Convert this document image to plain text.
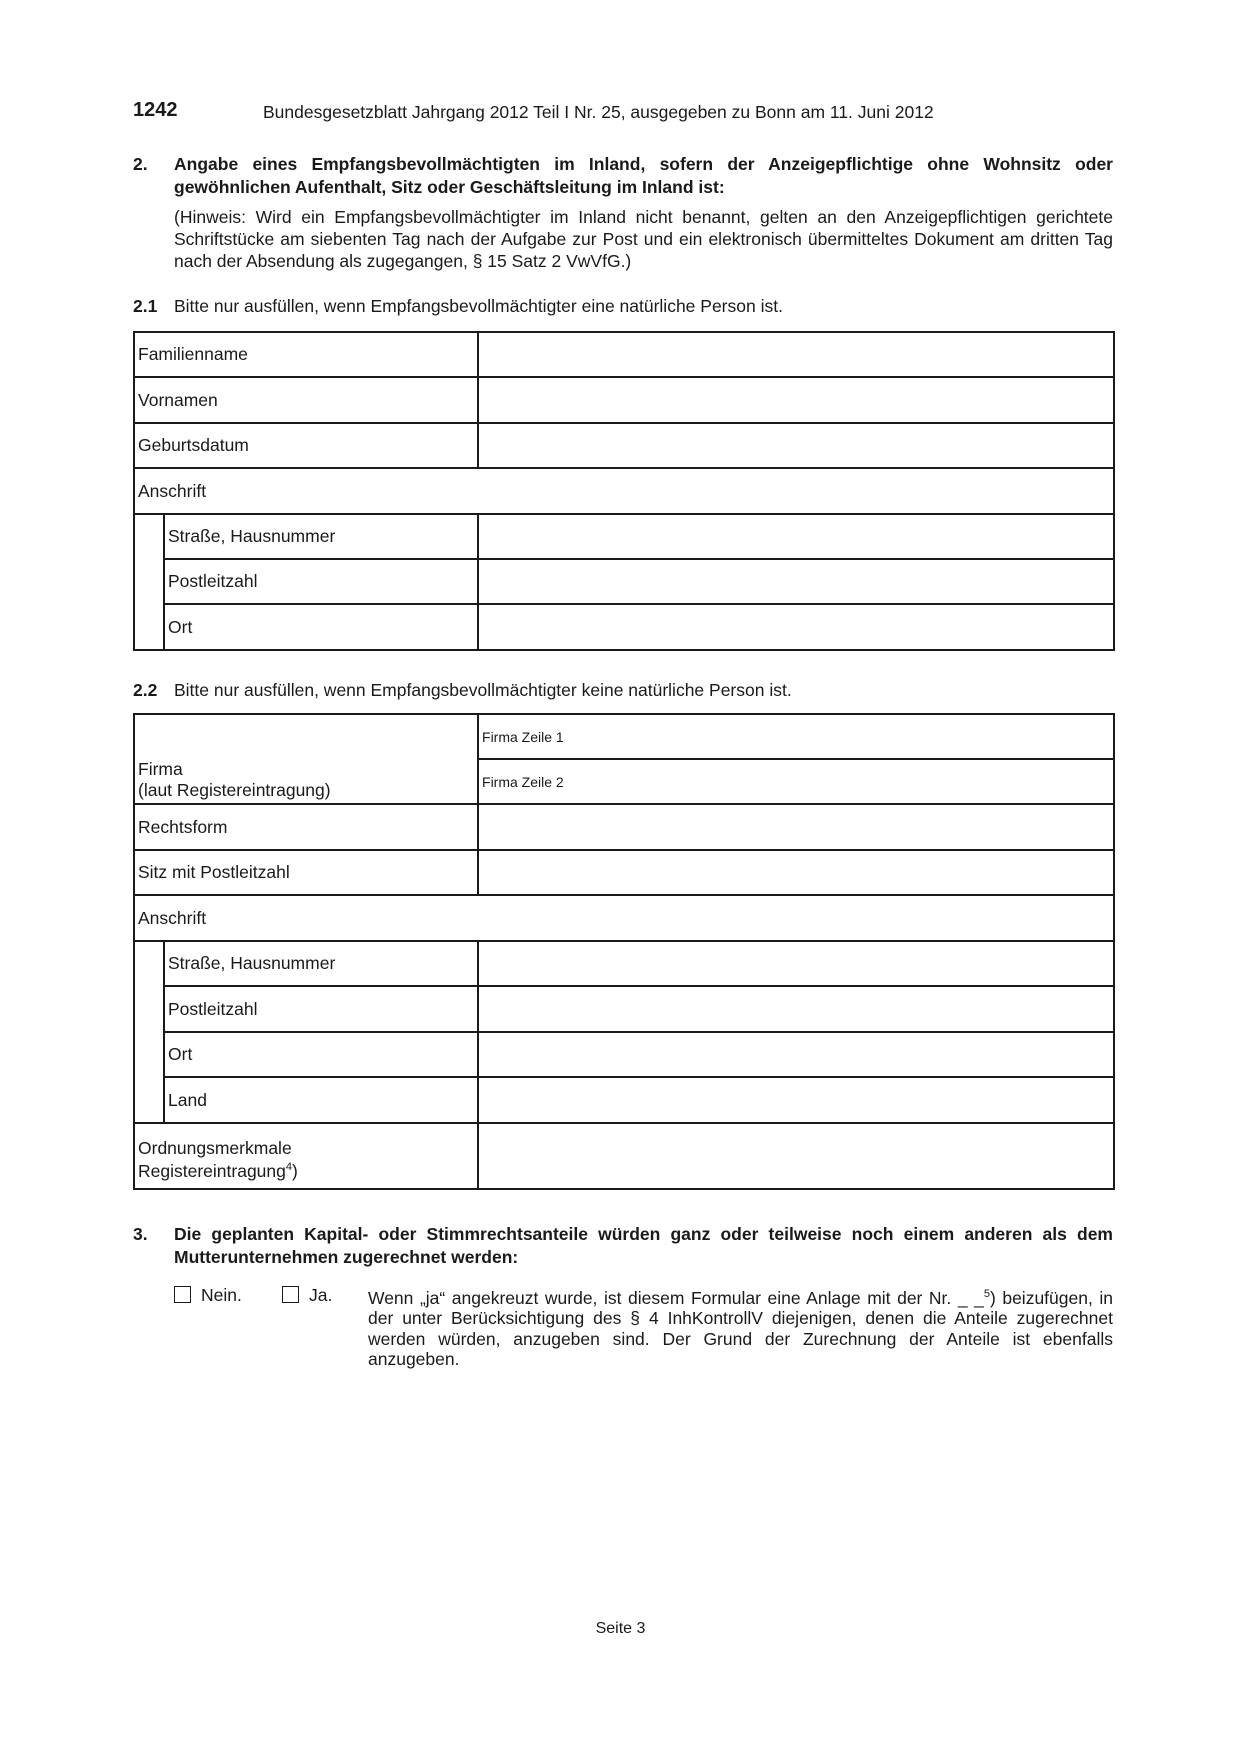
1242	Bundesgesetzblatt Jahrgang 2012 Teil I Nr. 25, ausgegeben zu Bonn am 11. Juni 2012
2. Angabe eines Empfangsbevollmächtigten im Inland, sofern der Anzeigepflichtige ohne Wohnsitz oder gewöhnlichen Aufenthalt, Sitz oder Geschäftsleitung im Inland ist:
(Hinweis: Wird ein Empfangsbevollmächtigter im Inland nicht benannt, gelten an den Anzeigepflichtigen gerichtete Schriftstücke am siebenten Tag nach der Aufgabe zur Post und ein elektronisch übermitteltes Dokument am dritten Tag nach der Absendung als zugegangen, § 15 Satz 2 VwVfG.)
2.1 Bitte nur ausfüllen, wenn Empfangsbevollmächtigter eine natürliche Person ist.
Familienname		
Vornamen		
Geburtsdatum		
Anschrift		
	Straße, Hausnummer	
	Postleitzahl	
	Ort	
2.2 Bitte nur ausfüllen, wenn Empfangsbevollmächtigter keine natürliche Person ist.
Firma
(laut Registereintragung)		Firma Zeile 1
		Firma Zeile 2
Rechtsform		
Sitz mit Postleitzahl		
Anschrift		
	Straße, Hausnummer	
	Postleitzahl	
	Ort	
	Land	

Ordnungsmerkmale
Registereintragung$^4$)		

3. Die geplanten Kapital- oder Stimmrechtsanteile würden ganz oder teilweise noch einem anderen als dem Mutterunternehmen zugerechnet werden:
Nein.	Ja. Wenn „ja“ angekreuzt wurde, ist diesem Formular eine Anlage mit der Nr. _ _$^5$) beizufügen, in der unter Berücksichtigung des § 4 InhKontrollV diejenigen, denen die Anteile zugerechnet werden würden, anzugeben sind. Der Grund der Zurechnung der Anteile ist ebenfalls anzugeben.
Seite 3
